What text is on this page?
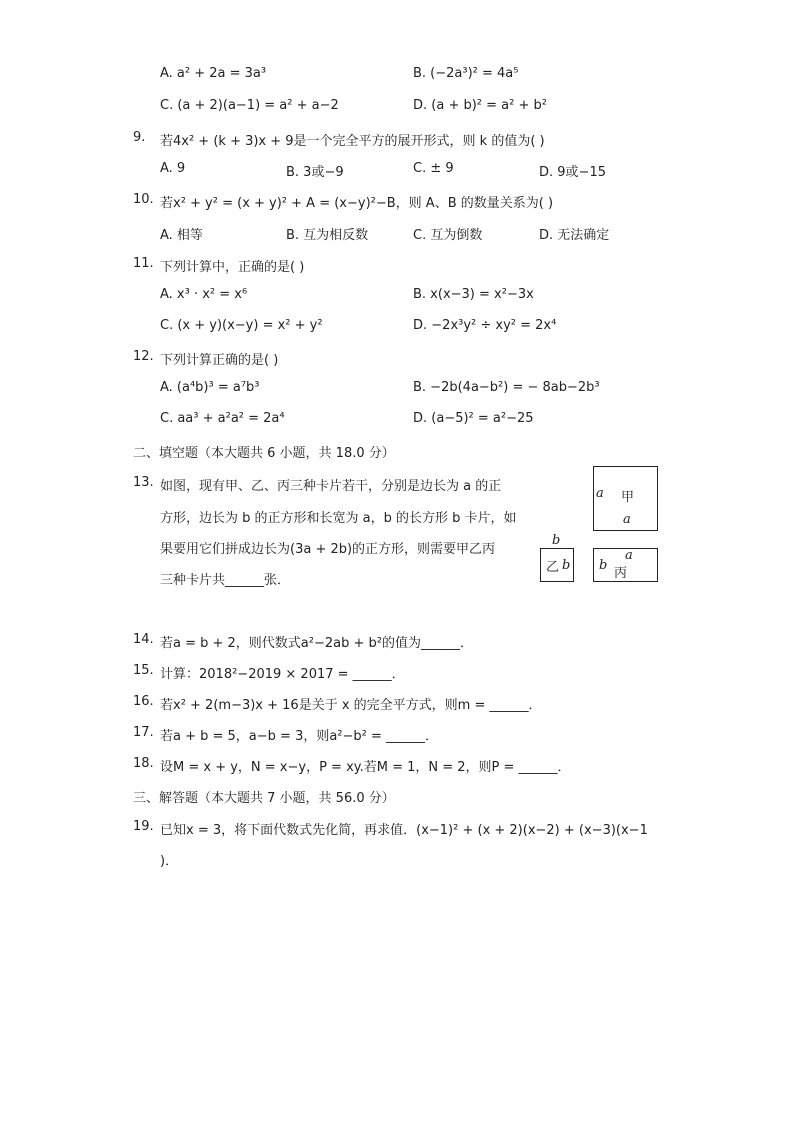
A. a² + 2a = 3a³	B. (−2a³)² = 4a⁵
C. (a + 2)(a−1) = a² + a−2	D. (a + b)² = a² + b²
9. 若4x² + (k + 3)x + 9是一个完全平方的展开形式，则 k 的值为( )
A. 9	B. 3或−9	C. ± 9	D. 9或−15
10. 若x² + y² = (x + y)² + A = (x−y)²−B，则 A、B 的数量关系为( )
A. 相等	B. 互为相反数	C. 互为倒数	D. 无法确定
11. 下列计算中，正确的是( )
A. x³ · x² = x⁶	B. x(x−3) = x²−3x
C. (x + y)(x−y) = x² + y²	D. −2x³y² ÷ xy² = 2x⁴
12. 下列计算正确的是( )
A. (a⁴b)³ = a⁷b³	B. −2b(4a−b²) = − 8ab−2b³
C. aa³ + a²a² = 2a⁴	D. (a−5)² = a²−25
二、填空题（本大题共 6 小题，共 18.0 分）
13. 如图，现有甲、乙、丙三种卡片若干，分别是边长为 a 的正
方形，边长为 b 的正方形和长宽为 a，b 的长方形 b 卡片，如
果要用它们拼成边长为(3a + 2b)的正方形，则需要甲乙丙
三种卡片共______张．
a 甲
a
b
乙 b b
a
丙
14. 若a = b + 2，则代数式a²−2ab + b²的值为______．
15. 计算：2018²−2019 × 2017 = ______．
16. 若x² + 2(m−3)x + 16是关于 x 的完全平方式，则m = ______．
17. 若a + b = 5，a−b = 3，则a²−b² = ______．
18. 设M = x + y，N = x−y，P = xy.若M = 1，N = 2，则P = ______．
三、解答题（本大题共 7 小题，共 56.0 分）
19. 已知x = 3，将下面代数式先化简，再求值．(x−1)² + (x + 2)(x−2) + (x−3)(x−1
)．
